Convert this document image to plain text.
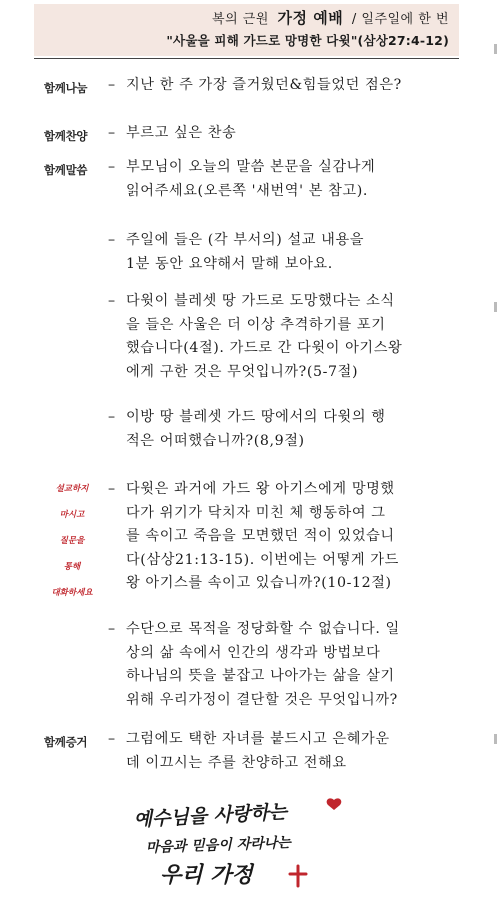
복의 근원 가정 예배 / 일주일에 한 번
"사울을 피해 가드로 망명한 다윗"(삼상27:4-12)
함께나눔 – 지난 한 주 가장 즐거웠던&힘들었던 점은?
함께찬양 – 부르고 싶은 찬송
함께말씀 – 부모님이 오늘의 말씀 본문을 실감나게
읽어주세요(오른쪽 '새번역' 본 참고).
– 주일에 들은 (각 부서의) 설교 내용을
1분 동안 요약해서 말해 보아요.
– 다윗이 블레셋 땅 가드로 도망했다는 소식
을 들은 사울은 더 이상 추격하기를 포기
했습니다(4절). 가드로 간 다윗이 아기스왕
에게 구한 것은 무엇입니까?(5-7절)
– 이방 땅 블레셋 가드 땅에서의 다윗의 행
적은 어떠했습니까?(8,9절)
– 다윗은 과거에 가드 왕 아기스에게 망명했
다가 위기가 닥치자 미친 체 행동하여 그
를 속이고 죽음을 모면했던 적이 있었습니
다(삼상21:13-15). 이번에는 어떻게 가드
왕 아기스를 속이고 있습니까?(10-12절)
설교하지
마시고
질문을
통해
대화하세요
– 수단으로 목적을 정당화할 수 없습니다. 일
상의 삶 속에서 인간의 생각과 방법보다
하나님의 뜻을 붙잡고 나아가는 삶을 살기
위해 우리가정이 결단할 것은 무엇입니까?
함께증거 – 그럼에도 택한 자녀를 붙드시고 은혜가운
데 이끄시는 주를 찬양하고 전해요
예수님을 사랑하는
마음과 믿음이 자라나는
우리 가정
